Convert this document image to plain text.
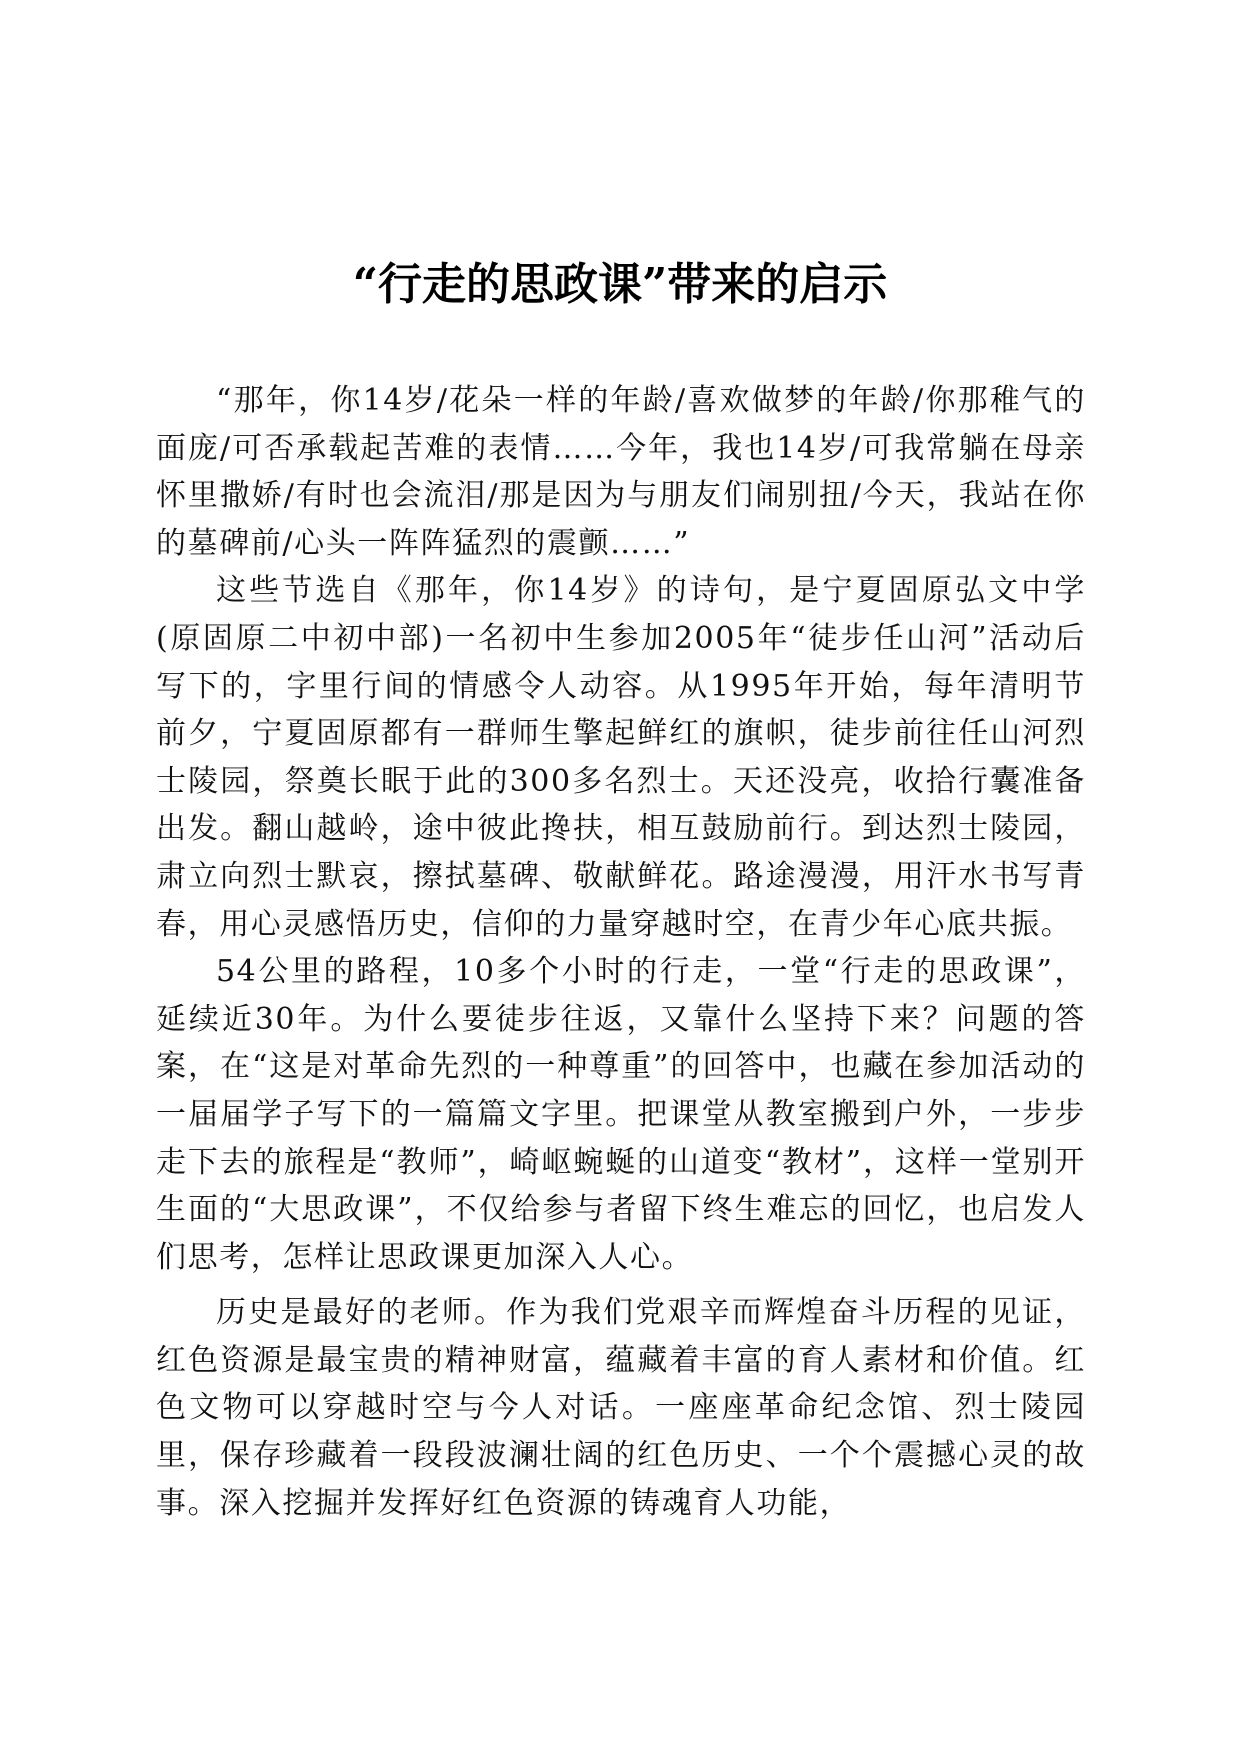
“行走的思政课”带来的启示

“那年，你14岁/花朵一样的年龄/喜欢做梦的年龄/你那稚气的面庞/可否承载起苦难的表情……今年，我也14岁/可我常躺在母亲怀里撒娇/有时也会流泪/那是因为与朋友们闹别扭/今天，我站在你的墓碑前/心头一阵阵猛烈的震颤……”

这些节选自《那年，你14岁》的诗句，是宁夏固原弘文中学(原固原二中初中部)一名初中生参加2005年“徒步任山河”活动后写下的，字里行间的情感令人动容。从1995年开始，每年清明节前夕，宁夏固原都有一群师生擎起鲜红的旗帜，徒步前往任山河烈士陵园，祭奠长眠于此的300多名烈士。天还没亮，收拾行囊准备出发。翻山越岭，途中彼此搀扶，相互鼓励前行。到达烈士陵园，肃立向烈士默哀，擦拭墓碑、敬献鲜花。路途漫漫，用汗水书写青春，用心灵感悟历史，信仰的力量穿越时空，在青少年心底共振。

54公里的路程，10多个小时的行走，一堂“行走的思政课”，延续近30年。为什么要徒步往返，又靠什么坚持下来？问题的答案，在“这是对革命先烈的一种尊重”的回答中，也藏在参加活动的一届届学子写下的一篇篇文字里。把课堂从教室搬到户外，一步步走下去的旅程是“教师”，崎岖蜿蜒的山道变“教材”，这样一堂别开生面的“大思政课”，不仅给参与者留下终生难忘的回忆，也启发人们思考，怎样让思政课更加深入人心。

历史是最好的老师。作为我们党艰辛而辉煌奋斗历程的见证，红色资源是最宝贵的精神财富，蕴藏着丰富的育人素材和价值。红色文物可以穿越时空与今人对话。一座座革命纪念馆、烈士陵园里，保存珍藏着一段段波澜壮阔的红色历史、一个个震撼心灵的故事。深入挖掘并发挥好红色资源的铸魂育人功能，
